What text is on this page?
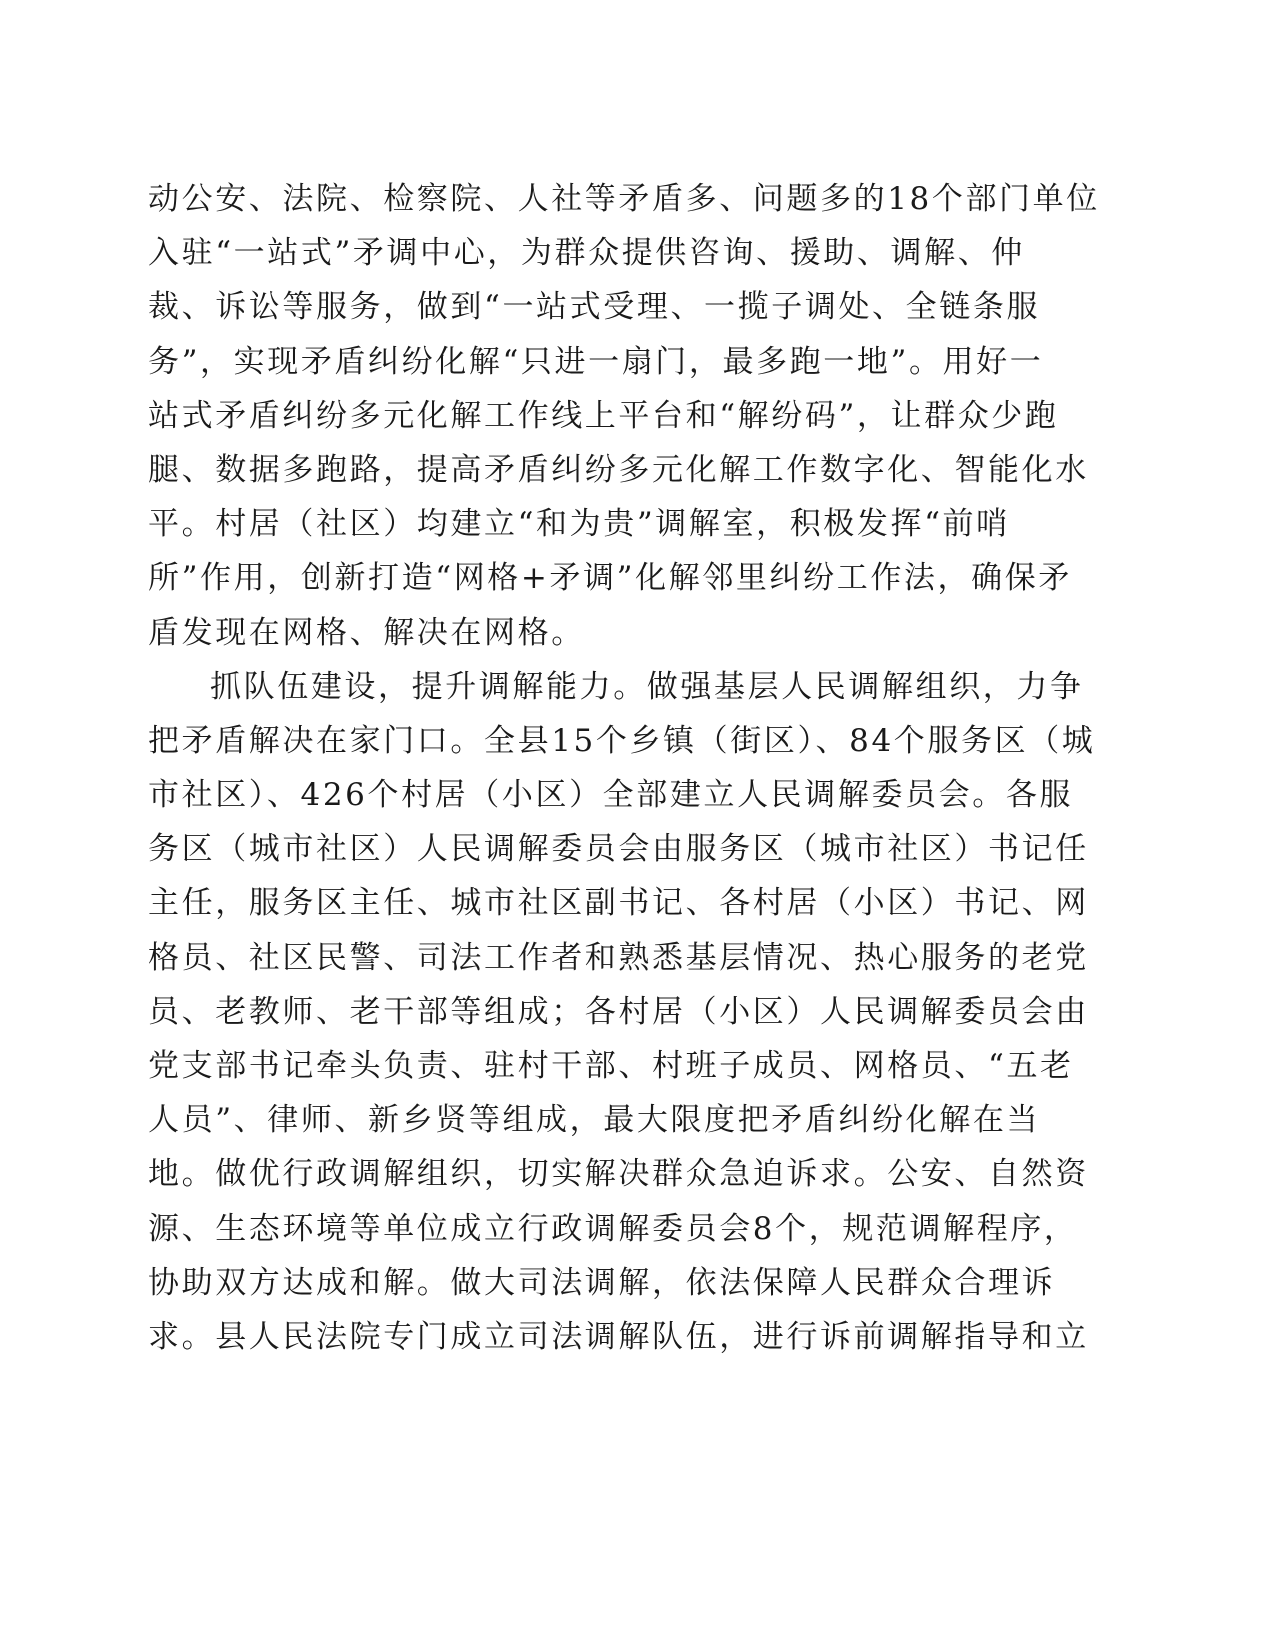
动公安、法院、检察院、人社等矛盾多、问题多的18个部门单位
入驻“一站式”矛调中心，为群众提供咨询、援助、调解、仲
裁、诉讼等服务，做到“一站式受理、一揽子调处、全链条服
务”，实现矛盾纠纷化解“只进一扇门，最多跑一地”。用好一
站式矛盾纠纷多元化解工作线上平台和“解纷码”，让群众少跑
腿、数据多跑路，提高矛盾纠纷多元化解工作数字化、智能化水
平。村居（社区）均建立“和为贵”调解室，积极发挥“前哨
所”作用，创新打造“网格+矛调”化解邻里纠纷工作法，确保矛
盾发现在网格、解决在网格。
抓队伍建设，提升调解能力。做强基层人民调解组织，力争
把矛盾解决在家门口。全县15个乡镇（街区）、84个服务区（城
市社区）、426个村居（小区）全部建立人民调解委员会。各服
务区（城市社区）人民调解委员会由服务区（城市社区）书记任
主任，服务区主任、城市社区副书记、各村居（小区）书记、网
格员、社区民警、司法工作者和熟悉基层情况、热心服务的老党
员、老教师、老干部等组成；各村居（小区）人民调解委员会由
党支部书记牵头负责、驻村干部、村班子成员、网格员、“五老
人员”、律师、新乡贤等组成，最大限度把矛盾纠纷化解在当
地。做优行政调解组织，切实解决群众急迫诉求。公安、自然资
源、生态环境等单位成立行政调解委员会8个，规范调解程序，
协助双方达成和解。做大司法调解，依法保障人民群众合理诉
求。县人民法院专门成立司法调解队伍，进行诉前调解指导和立
